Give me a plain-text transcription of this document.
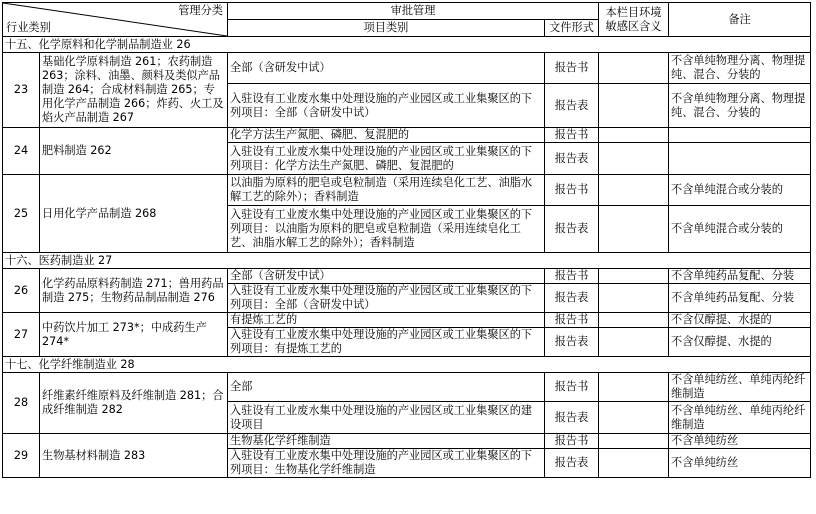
管理分类
行业类别		审批管理		本栏目环境敏感区含义	备注
		项目类别	文件形式		
十五、化学原料和化学制品制造业 26					
23	基础化学原料制造 261；农药制造 263；涂料、油墨、颜料及类似产品制造 264；合成材料制造 265；专用化学产品制造 266；炸药、火工及焰火产品制造 267	全部（含研发中试）	报告书		不含单纯物理分离、物理提纯、混合、分装的
		入驻设有工业废水集中处理设施的产业园区或工业集聚区的下列项目：全部（含研发中试）	报告表		不含单纯物理分离、物理提纯、混合、分装的
24	肥料制造 262	化学方法生产氮肥、磷肥、复混肥的	报告书		
		入驻设有工业废水集中处理设施的产业园区或工业集聚区的下列项目：化学方法生产氮肥、磷肥、复混肥的	报告表		
25	日用化学产品制造 268	以油脂为原料的肥皂或皂粒制造（采用连续皂化工艺、油脂水解工艺的除外）；香料制造	报告书		不含单纯混合或分装的
		入驻设有工业废水集中处理设施的产业园区或工业集聚区的下列项目：以油脂为原料的肥皂或皂粒制造（采用连续皂化工艺、油脂水解工艺的除外）；香料制造	报告表		不含单纯混合或分装的
十六、医药制造业 27					
26	化学药品原料药制造 271；兽用药品制造 275；生物药品制品制造 276	全部（含研发中试）	报告书		不含单纯药品复配、分装
		入驻设有工业废水集中处理设施的产业园区或工业集聚区的下列项目：全部（含研发中试）	报告表		不含单纯药品复配、分装
27	中药饮片加工 273*；中成药生产 274*	有提炼工艺的	报告书		不含仅醇提、水提的
		入驻设有工业废水集中处理设施的产业园区或工业集聚区的下列项目：有提炼工艺的	报告表		不含仅醇提、水提的
十七、化学纤维制造业 28					
28	纤维素纤维原料及纤维制造 281；合成纤维制造 282	全部	报告书		不含单纯纺丝、单纯丙纶纤维制造
		入驻设有工业废水集中处理设施的产业园区或工业集聚区的建设项目	报告表		不含单纯纺丝、单纯丙纶纤维制造
29	生物基材料制造 283	生物基化学纤维制造	报告书		不含单纯纺丝
		入驻设有工业废水集中处理设施的产业园区或工业集聚区的下列项目：生物基化学纤维制造	报告表		不含单纯纺丝
